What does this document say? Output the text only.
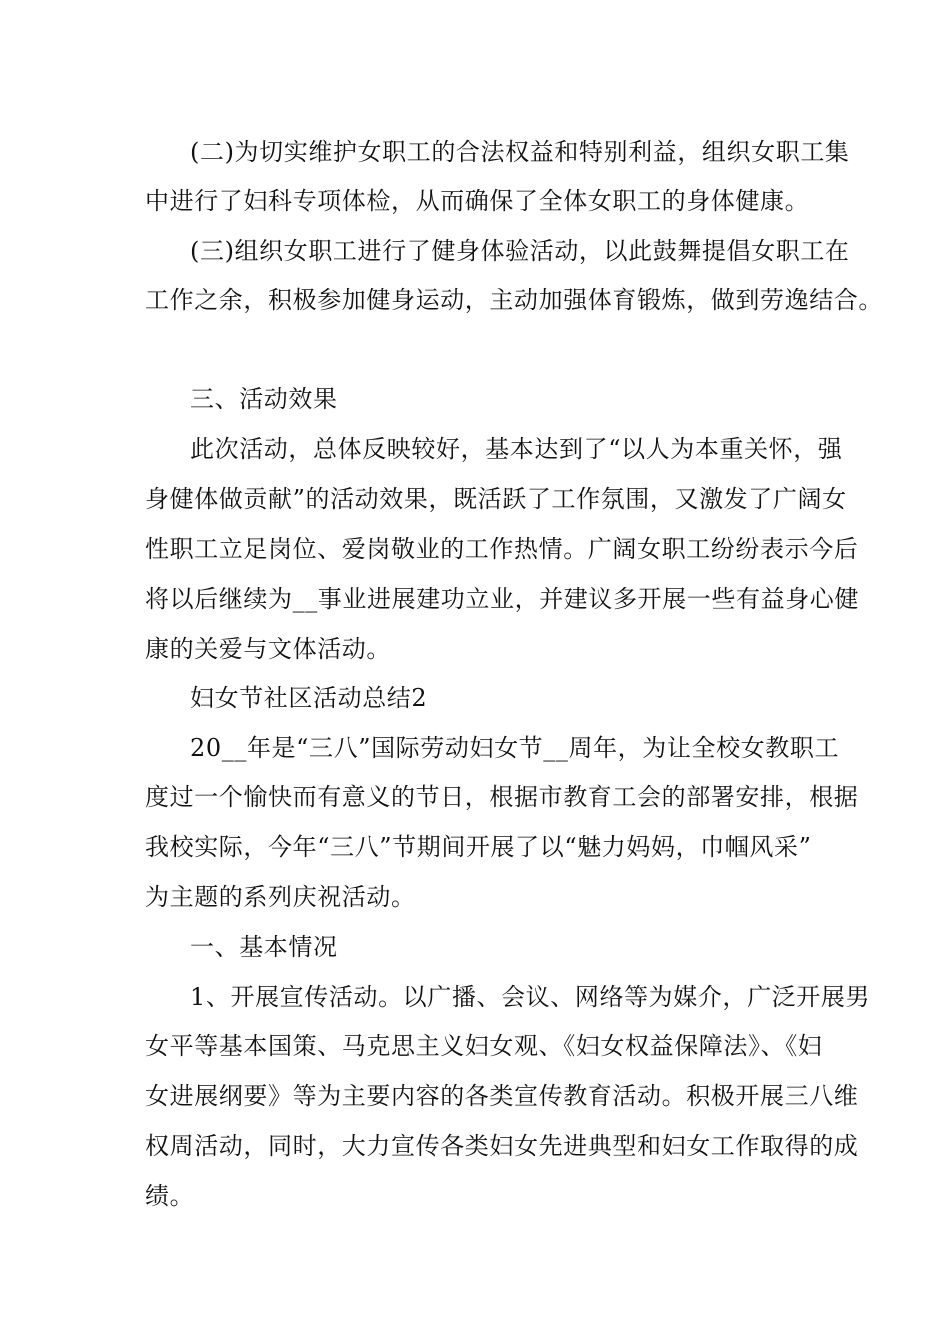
(二)为切实维护女职工的合法权益和特别利益，组织女职工集
中进行了妇科专项体检，从而确保了全体女职工的身体健康。
(三)组织女职工进行了健身体验活动，以此鼓舞提倡女职工在
工作之余，积极参加健身运动，主动加强体育锻炼，做到劳逸结合。
三、活动效果
此次活动，总体反映较好，基本达到了“以人为本重关怀，强
身健体做贡献”的活动效果，既活跃了工作氛围，又激发了广阔女
性职工立足岗位、爱岗敬业的工作热情。广阔女职工纷纷表示今后
将以后继续为__事业进展建功立业，并建议多开展一些有益身心健
康的关爱与文体活动。
妇女节社区活动总结2
20__年是“三八”国际劳动妇女节__周年，为让全校女教职工
度过一个愉快而有意义的节日，根据市教育工会的部署安排，根据
我校实际，今年“三八”节期间开展了以“魅力妈妈，巾帼风采”
为主题的系列庆祝活动。
一、基本情况
1、开展宣传活动。以广播、会议、网络等为媒介，广泛开展男
女平等基本国策、马克思主义妇女观、《妇女权益保障法》、《妇
女进展纲要》等为主要内容的各类宣传教育活动。积极开展三八维
权周活动，同时，大力宣传各类妇女先进典型和妇女工作取得的成
绩。
